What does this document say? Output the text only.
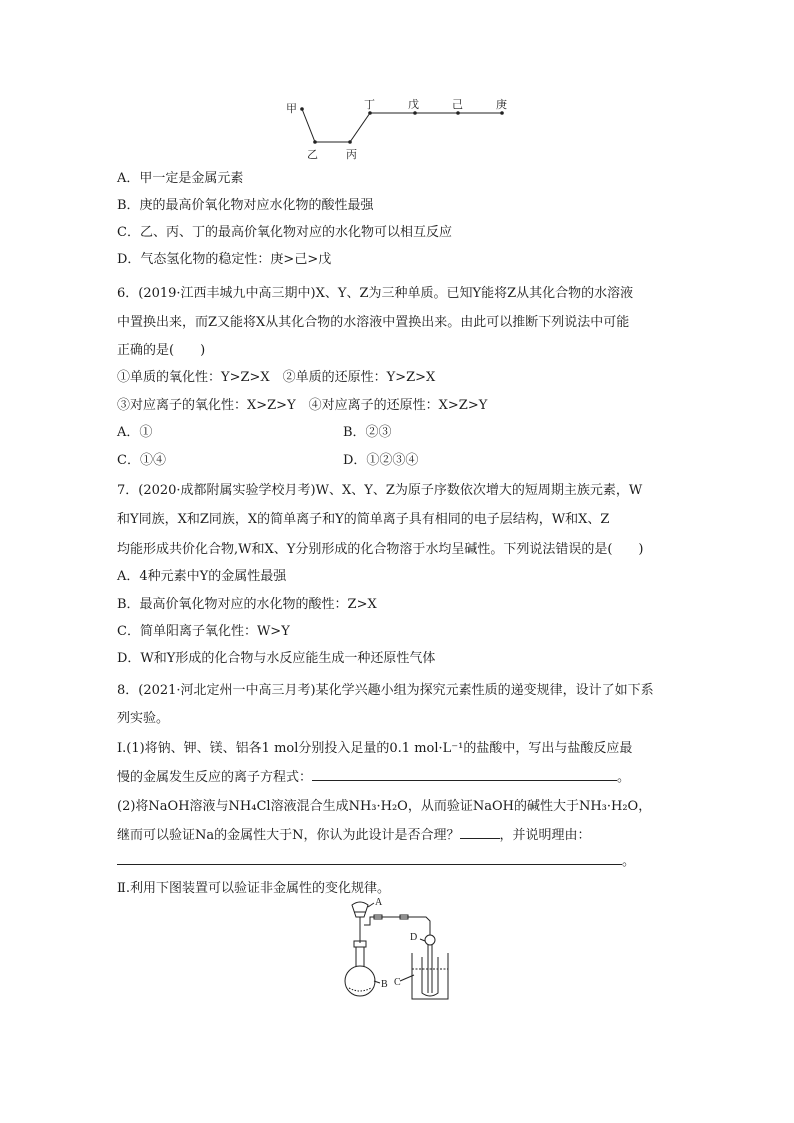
甲
乙	丙
丁	戊	己	庚
A．甲一定是金属元素
B．庚的最高价氧化物对应水化物的酸性最强
C．乙、丙、丁的最高价氧化物对应的水化物可以相互反应
D．气态氢化物的稳定性：庚>己>戊
6．(2019·江西丰城九中高三期中)X、Y、Z为三种单质。已知Y能将Z从其化合物的水溶液
中置换出来，而Z又能将X从其化合物的水溶液中置换出来。由此可以推断下列说法中可能
正确的是(　　)
①单质的氧化性：Y>Z>X　②单质的还原性：Y>Z>X
③对应离子的氧化性：X>Z>Y　④对应离子的还原性：X>Z>Y
A．①	B．②③
C．①④	D．①②③④
7．(2020·成都附属实验学校月考)W、X、Y、Z为原子序数依次增大的短周期主族元素，W
和Y同族，X和Z同族，X的简单离子和Y的简单离子具有相同的电子层结构，W和X、Z
均能形成共价化合物,W和X、Y分别形成的化合物溶于水均呈碱性。下列说法错误的是(　　)
A．4种元素中Y的金属性最强
B．最高价氧化物对应的水化物的酸性：Z>X
C．简单阳离子氧化性：W>Y
D．W和Y形成的化合物与水反应能生成一种还原性气体
8．(2021·河北定州一中高三月考)某化学兴趣小组为探究元素性质的递变规律，设计了如下系
列实验。
Ⅰ.(1)将钠、钾、镁、铝各1 mol分别投入足量的0.1 mol·L⁻¹的盐酸中，写出与盐酸反应最
慢的金属发生反应的离子方程式：	。
(2)将NaOH溶液与NH₄Cl溶液混合生成NH₃·H₂O，从而验证NaOH的碱性大于NH₃·H₂O，
继而可以验证Na的金属性大于N，你认为此设计是否合理？	，并说明理由：
。
Ⅱ.利用下图装置可以验证非金属性的变化规律。
A
B C
D
